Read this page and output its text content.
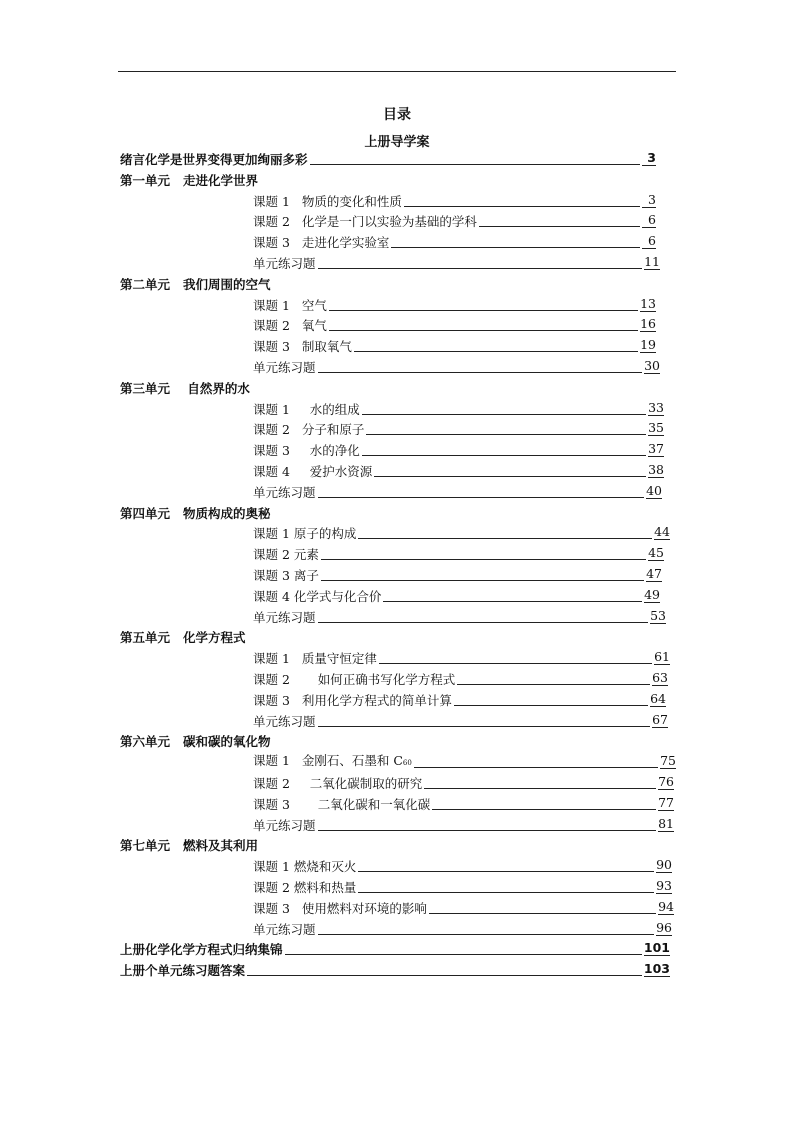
目录
上册导学案
绪言化学是世界变得更加绚丽多彩	3
第一单元   走进化学世界
课题 1   物质的变化和性质	3
课题 2   化学是一门以实验为基础的学科	6
课题 3   走进化学实验室	6
单元练习题	11
第二单元   我们周围的空气
课题 1   空气	13
课题 2   氧气	16
课题 3   制取氧气	19
单元练习题	30
第三单元    自然界的水
课题 1     水的组成	33
课题 2   分子和原子	35
课题 3     水的净化	37
课题 4     爱护水资源	38
单元练习题	40
第四单元   物质构成的奥秘
课题 1 原子的构成	44
课题 2 元素	45
课题 3 离子	47
课题 4 化学式与化合价	49
单元练习题	53
第五单元   化学方程式
课题 1   质量守恒定律	61
课题 2       如何正确书写化学方程式	63
课题 3   利用化学方程式的简单计算	64
单元练习题	67
第六单元   碳和碳的氧化物
课题 1   金刚石、石墨和 C60	75
课题 2     二氧化碳制取的研究	76
课题 3       二氧化碳和一氧化碳	77
单元练习题	81
第七单元   燃料及其利用
课题 1 燃烧和灭火	90
课题 2 燃料和热量	93
课题 3   使用燃料对环境的影响	94
单元练习题	96
上册化学化学方程式归纳集锦	101
上册个单元练习题答案	103
